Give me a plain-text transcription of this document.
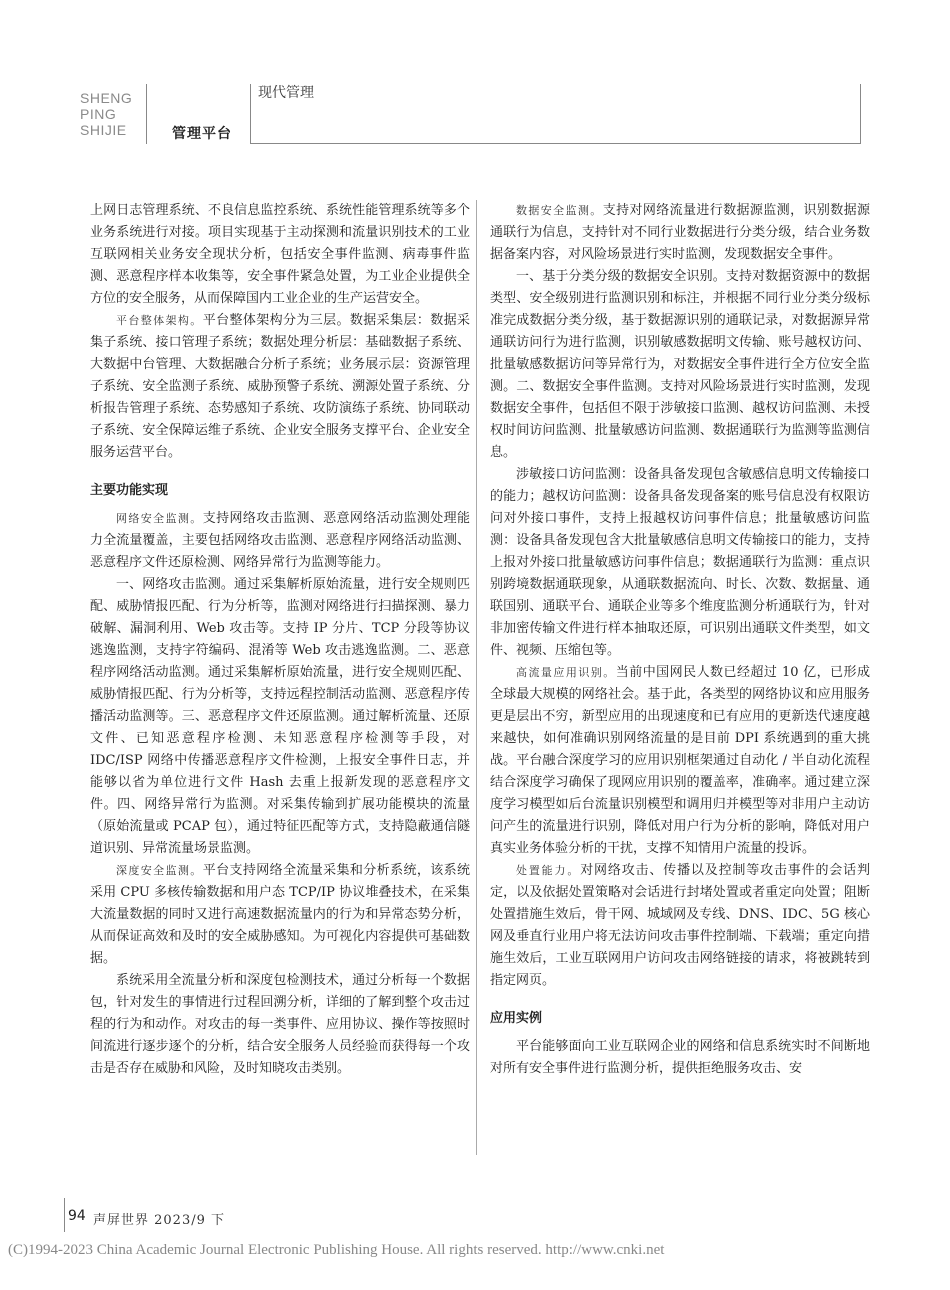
SHENG
PING
SHIJIE
现代管理
管理平台

上网日志管理系统、不良信息监控系统、系统性能管理系统等多个业务系统进行对接。项目实现基于主动探测和流量识别技术的工业互联网相关业务安全现状分析，包括安全事件监测、病毒事件监测、恶意程序样本收集等，安全事件紧急处置，为工业企业提供全方位的安全服务，从而保障国内工业企业的生产运营安全。

平台整体架构。平台整体架构分为三层。数据采集层：数据采集子系统、接口管理子系统；数据处理分析层：基础数据子系统、大数据中台管理、大数据融合分析子系统；业务展示层：资源管理子系统、安全监测子系统、威胁预警子系统、溯源处置子系统、分析报告管理子系统、态势感知子系统、攻防演练子系统、协同联动子系统、安全保障运维子系统、企业安全服务支撑平台、企业安全服务运营平台。

主要功能实现

网络安全监测。支持网络攻击监测、恶意网络活动监测处理能力全流量覆盖，主要包括网络攻击监测、恶意程序网络活动监测、恶意程序文件还原检测、网络异常行为监测等能力。

一、网络攻击监测。通过采集解析原始流量，进行安全规则匹配、威胁情报匹配、行为分析等，监测对网络进行扫描探测、暴力破解、漏洞利用、Web 攻击等。支持 IP 分片、TCP 分段等协议逃逸监测，支持字符编码、混淆等 Web 攻击逃逸监测。二、恶意程序网络活动监测。通过采集解析原始流量，进行安全规则匹配、威胁情报匹配、行为分析等，支持远程控制活动监测、恶意程序传播活动监测等。三、恶意程序文件还原监测。通过解析流量、还原文件、已知恶意程序检测、未知恶意程序检测等手段，对 IDC/ISP 网络中传播恶意程序文件检测，上报安全事件日志，并能够以省为单位进行文件 Hash 去重上报新发现的恶意程序文件。四、网络异常行为监测。对采集传输到扩展功能模块的流量（原始流量或 PCAP 包），通过特征匹配等方式，支持隐蔽通信隧道识别、异常流量场景监测。

深度安全监测。平台支持网络全流量采集和分析系统，该系统采用 CPU 多核传输数据和用户态 TCP/IP 协议堆叠技术，在采集大流量数据的同时又进行高速数据流量内的行为和异常态势分析，从而保证高效和及时的安全威胁感知。为可视化内容提供可基础数据。

系统采用全流量分析和深度包检测技术，通过分析每一个数据包，针对发生的事情进行过程回溯分析，详细的了解到整个攻击过程的行为和动作。对攻击的每一类事件、应用协议、操作等按照时间流进行逐步逐个的分析，结合安全服务人员经验而获得每一个攻击是否存在威胁和风险，及时知晓攻击类别。

数据安全监测。支持对网络流量进行数据源监测，识别数据源通联行为信息，支持针对不同行业数据进行分类分级，结合业务数据备案内容，对风险场景进行实时监测，发现数据安全事件。

一、基于分类分级的数据安全识别。支持对数据资源中的数据类型、安全级别进行监测识别和标注，并根据不同行业分类分级标准完成数据分类分级，基于数据源识别的通联记录，对数据源异常通联访问行为进行监测，识别敏感数据明文传输、账号越权访问、批量敏感数据访问等异常行为，对数据安全事件进行全方位安全监测。二、数据安全事件监测。支持对风险场景进行实时监测，发现数据安全事件，包括但不限于涉敏接口监测、越权访问监测、未授权时间访问监测、批量敏感访问监测、数据通联行为监测等监测信息。

涉敏接口访问监测：设备具备发现包含敏感信息明文传输接口的能力；越权访问监测：设备具备发现备案的账号信息没有权限访问对外接口事件，支持上报越权访问事件信息；批量敏感访问监测：设备具备发现包含大批量敏感信息明文传输接口的能力，支持上报对外接口批量敏感访问事件信息；数据通联行为监测：重点识别跨境数据通联现象，从通联数据流向、时长、次数、数据量、通联国别、通联平台、通联企业等多个维度监测分析通联行为，针对非加密传输文件进行样本抽取还原，可识别出通联文件类型，如文件、视频、压缩包等。

高流量应用识别。当前中国网民人数已经超过 10 亿，已形成全球最大规模的网络社会。基于此，各类型的网络协议和应用服务更是层出不穷，新型应用的出现速度和已有应用的更新迭代速度越来越快，如何准确识别网络流量的是目前 DPI 系统遇到的重大挑战。平台融合深度学习的应用识别框架通过自动化 / 半自动化流程结合深度学习确保了现网应用识别的覆盖率，准确率。通过建立深度学习模型如后台流量识别模型和调用归并模型等对非用户主动访问产生的流量进行识别，降低对用户行为分析的影响，降低对用户真实业务体验分析的干扰，支撑不知情用户流量的投诉。

处置能力。对网络攻击、传播以及控制等攻击事件的会话判定，以及依据处置策略对会话进行封堵处置或者重定向处置；阻断处置措施生效后，骨干网、城域网及专线、DNS、IDC、5G 核心网及垂直行业用户将无法访问攻击事件控制端、下载端；重定向措施生效后，工业互联网用户访问攻击网络链接的请求，将被跳转到指定网页。

应用实例

平台能够面向工业互联网企业的网络和信息系统实时不间断地对所有安全事件进行监测分析，提供拒绝服务攻击、安

94 声屏世界 2023/9 下
(C)1994-2023 China Academic Journal Electronic Publishing House. All rights reserved. http://www.cnki.net
